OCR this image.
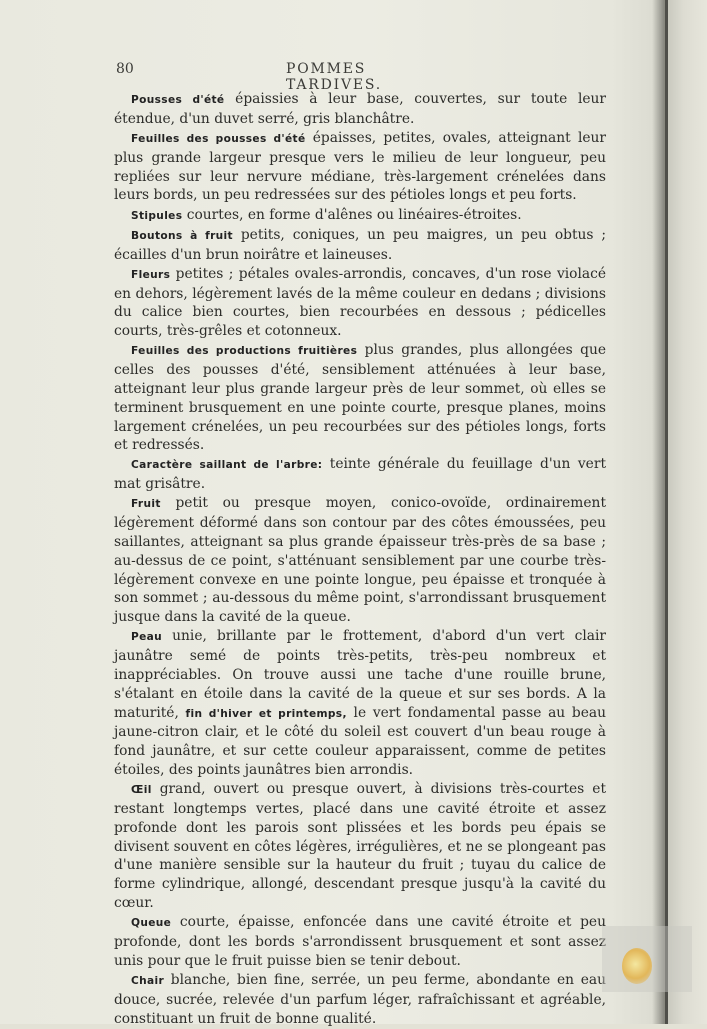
80	POMMES TARDIVES.

Pousses d'été épaissies à leur base, couvertes, sur toute leur étendue, d'un duvet serré, gris blanchâtre.

Feuilles des pousses d'été épaisses, petites, ovales, atteignant leur plus grande largeur presque vers le milieu de leur longueur, peu repliées sur leur nervure médiane, très-largement crénelées dans leurs bords, un peu redressées sur des pétioles longs et peu forts.

Stipules courtes, en forme d'alênes ou linéaires-étroites.

Boutons à fruit petits, coniques, un peu maigres, un peu obtus ; écailles d'un brun noirâtre et laineuses.

Fleurs petites ; pétales ovales-arrondis, concaves, d'un rose violacé en dehors, légèrement lavés de la même couleur en dedans ; divisions du calice bien courtes, bien recourbées en dessous ; pédicelles courts, très-grêles et cotonneux.

Feuilles des productions fruitières plus grandes, plus allongées que celles des pousses d'été, sensiblement atténuées à leur base, atteignant leur plus grande largeur près de leur sommet, où elles se terminent brusquement en une pointe courte, presque planes, moins largement crénelées, un peu recourbées sur des pétioles longs, forts et redressés.

Caractère saillant de l'arbre: teinte générale du feuillage d'un vert mat grisâtre.

Fruit petit ou presque moyen, conico-ovoïde, ordinairement légèrement déformé dans son contour par des côtes émoussées, peu saillantes, atteignant sa plus grande épaisseur très-près de sa base ; au-dessus de ce point, s'atténuant sensiblement par une courbe très-légèrement convexe en une pointe longue, peu épaisse et tronquée à son sommet ; au-dessous du même point, s'arrondissant brusquement jusque dans la cavité de la queue.

Peau unie, brillante par le frottement, d'abord d'un vert clair jaunâtre semé de points très-petits, très-peu nombreux et inappréciables. On trouve aussi une tache d'une rouille brune, s'étalant en étoile dans la cavité de la queue et sur ses bords. A la maturité, fin d'hiver et printemps, le vert fondamental passe au beau jaune-citron clair, et le côté du soleil est couvert d'un beau rouge à fond jaunâtre, et sur cette couleur apparaissent, comme de petites étoiles, des points jaunâtres bien arrondis.

Œil grand, ouvert ou presque ouvert, à divisions très-courtes et restant longtemps vertes, placé dans une cavité étroite et assez profonde dont les parois sont plissées et les bords peu épais se divisent souvent en côtes légères, irrégulières, et ne se plongeant pas d'une manière sensible sur la hauteur du fruit ; tuyau du calice de forme cylindrique, allongé, descendant presque jusqu'à la cavité du cœur.

Queue courte, épaisse, enfoncée dans une cavité étroite et peu profonde, dont les bords s'arrondissent brusquement et sont assez unis pour que le fruit puisse bien se tenir debout.

Chair blanche, bien fine, serrée, un peu ferme, abondante en eau douce, sucrée, relevée d'un parfum léger, rafraîchissant et agréable, constituant un fruit de bonne qualité.
